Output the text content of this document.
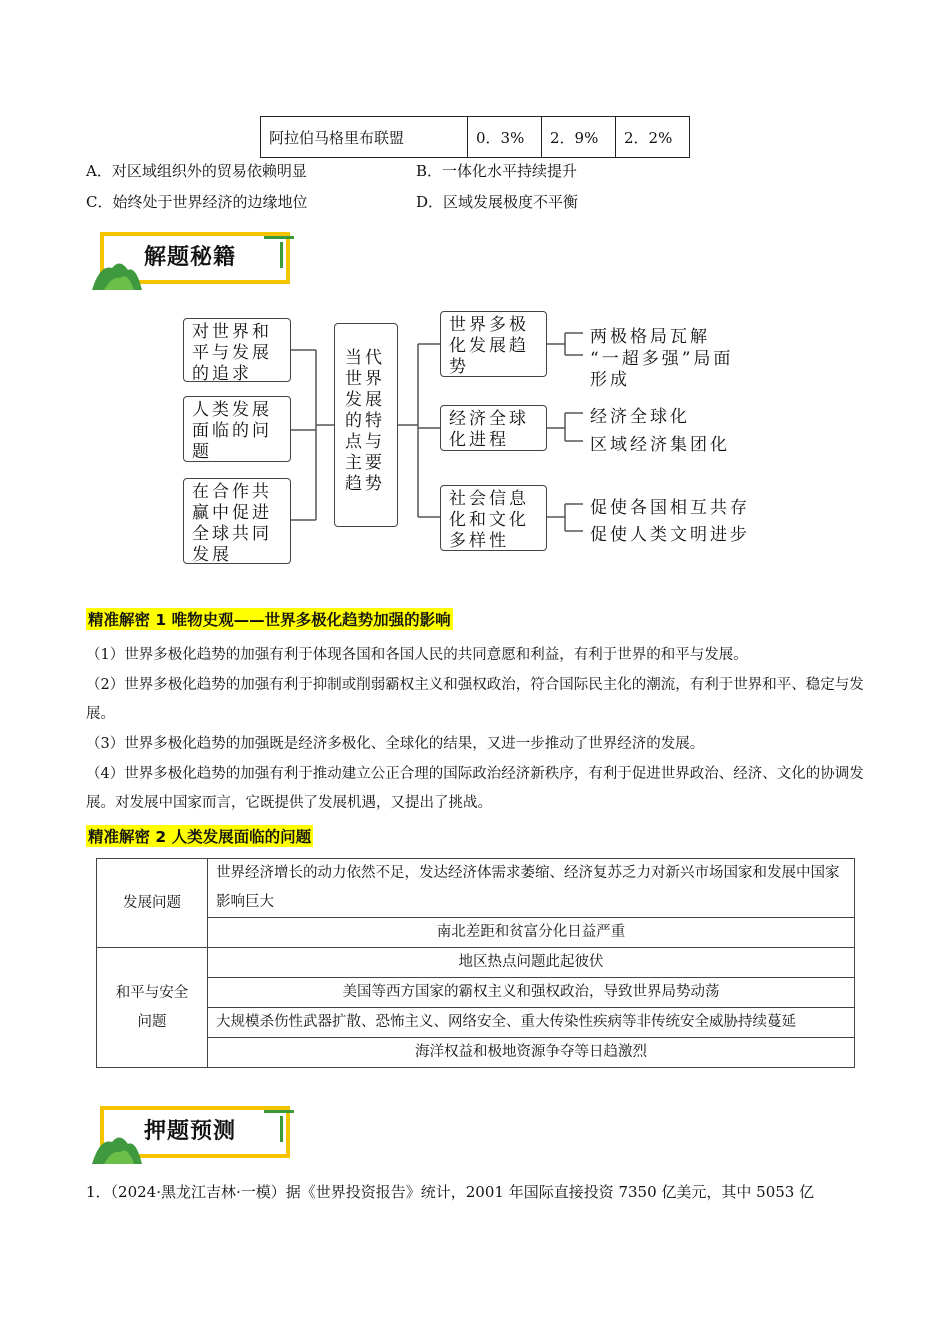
阿拉伯马格里布联盟	0．3%	2．9%	2．2%
A．对区域组织外的贸易依赖明显	B．一体化水平持续提升
C．始终处于世界经济的边缘地位	D．区域发展极度不平衡
解题秘籍
对世界和平与发展的追求
人类发展面临的问题
在合作共赢中促进全球共同发展
当代世界发展的特点与主要趋势
世界多极化发展趋势
经济全球化进程
社会信息化和文化多样性
两极格局瓦解
“一超多强”局面
形成
经济全球化
区域经济集团化
促使各国相互共存
促使人类文明进步
精准解密 1 唯物史观——世界多极化趋势加强的影响
（1）世界多极化趋势的加强有利于体现各国和各国人民的共同意愿和利益，有利于世界的和平与发展。
（2）世界多极化趋势的加强有利于抑制或削弱霸权主义和强权政治，符合国际民主化的潮流，有利于世界和平、稳定与发展。
（3）世界多极化趋势的加强既是经济多极化、全球化的结果，又进一步推动了世界经济的发展。
（4）世界多极化趋势的加强有利于推动建立公正合理的国际政治经济新秩序，有利于促进世界政治、经济、文化的协调发展。对发展中国家而言，它既提供了发展机遇，又提出了挑战。
精准解密 2 人类发展面临的问题
发展问题	世界经济增长的动力依然不足，发达经济体需求萎缩、经济复苏乏力对新兴市场国家和发展中国家影响巨大
	南北差距和贫富分化日益严重
和平与安全问题	地区热点问题此起彼伏
	美国等西方国家的霸权主义和强权政治，导致世界局势动荡
	大规模杀伤性武器扩散、恐怖主义、网络安全、重大传染性疾病等非传统安全威胁持续蔓延
	海洋权益和极地资源争夺等日趋激烈
押题预测
1．（2024·黑龙江吉林·一模）据《世界投资报告》统计，2001 年国际直接投资 7350 亿美元，其中 5053 亿
